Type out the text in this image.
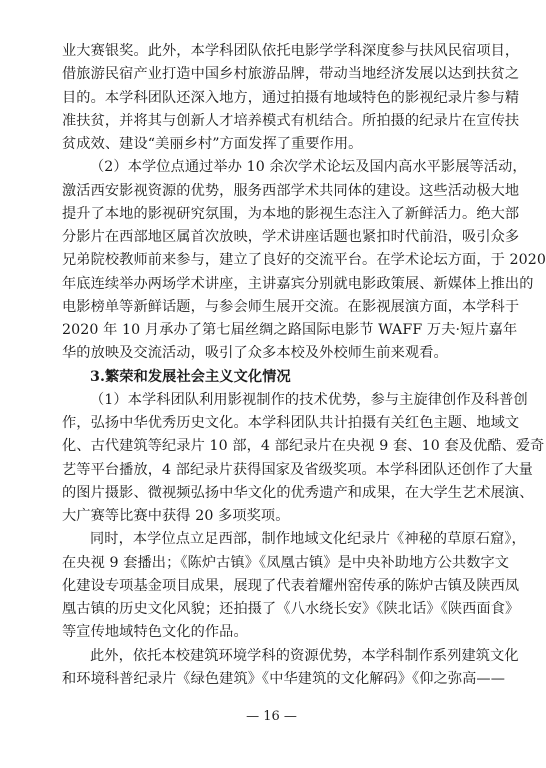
业大赛银奖。此外，本学科团队依托电影学学科深度参与扶风民宿项目，
借旅游民宿产业打造中国乡村旅游品牌，带动当地经济发展以达到扶贫之
目的。本学科团队还深入地方，通过拍摄有地域特色的影视纪录片参与精
准扶贫，并将其与创新人才培养模式有机结合。所拍摄的纪录片在宣传扶
贫成效、建设“美丽乡村”方面发挥了重要作用。
（2）本学位点通过举办 10 余次学术论坛及国内高水平影展等活动，
激活西安影视资源的优势，服务西部学术共同体的建设。这些活动极大地
提升了本地的影视研究氛围，为本地的影视生态注入了新鲜活力。绝大部
分影片在西部地区属首次放映，学术讲座话题也紧扣时代前沿，吸引众多
兄弟院校教师前来参与，建立了良好的交流平台。在学术论坛方面，于 2020
年底连续举办两场学术讲座，主讲嘉宾分别就电影政策展、新媒体上推出的
电影榜单等新鲜话题，与参会师生展开交流。在影视展演方面，本学科于
2020 年 10 月承办了第七届丝绸之路国际电影节 WAFF 万夫·短片嘉年
华的放映及交流活动，吸引了众多本校及外校师生前来观看。
3.繁荣和发展社会主义文化情况
（1）本学科团队利用影视制作的技术优势，参与主旋律创作及科普创
作，弘扬中华优秀历史文化。本学科团队共计拍摄有关红色主题、地域文
化、古代建筑等纪录片 10 部，4 部纪录片在央视 9 套、10 套及优酷、爱奇
艺等平台播放，4 部纪录片获得国家及省级奖项。本学科团队还创作了大量
的图片摄影、微视频弘扬中华文化的优秀遗产和成果，在大学生艺术展演、
大广赛等比赛中获得 20 多项奖项。
同时，本学位点立足西部，制作地域文化纪录片《神秘的草原石窟》，
在央视 9 套播出；《陈炉古镇》《凤凰古镇》是中央补助地方公共数字文
化建设专项基金项目成果，展现了代表着耀州窑传承的陈炉古镇及陕西凤
凰古镇的历史文化风貌；还拍摄了《八水绕长安》《陕北话》《陕西面食》
— 16 —
等宣传地域特色文化的作品。
此外，依托本校建筑环境学科的资源优势，本学科制作系列建筑文化
和环境科普纪录片《绿色建筑》《中华建筑的文化解码》《仰之弥高——
